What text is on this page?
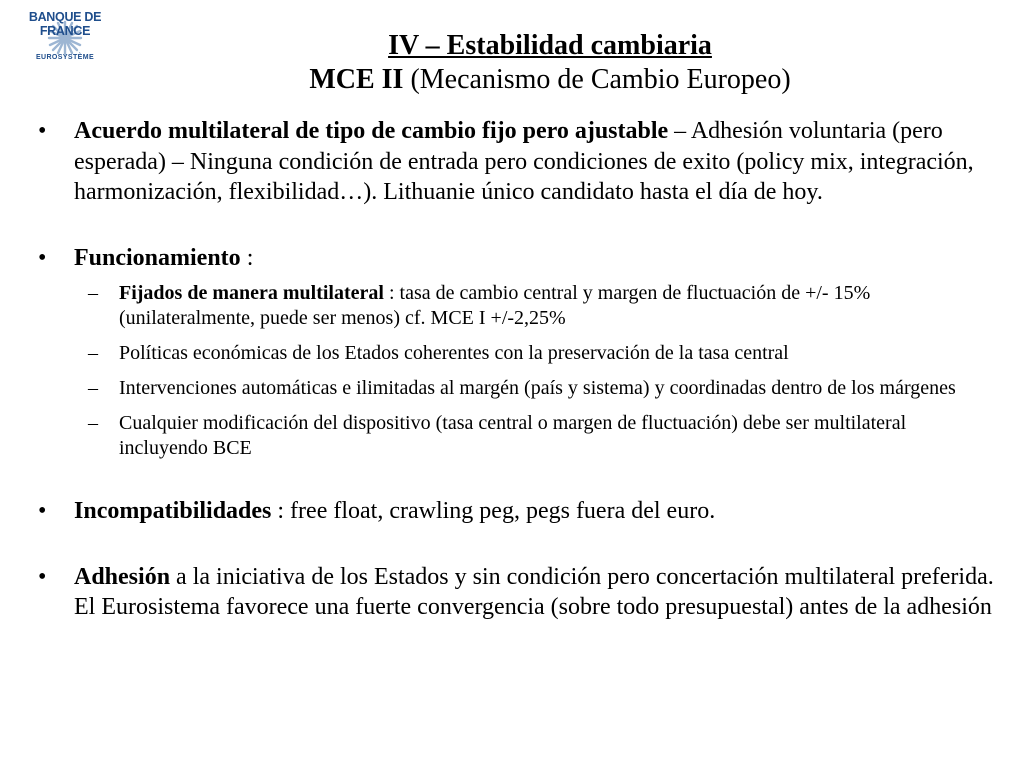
BANQUE DE FRANCE
EUROSYSTÈME	IV – Estabilidad cambiaria
MCE II (Mecanismo de Cambio Europeo)
• Acuerdo multilateral de tipo de cambio fijo pero ajustable – Adhesión voluntaria (pero esperada) – Ninguna condición de entrada pero condiciones de exito (policy mix, integración, harmonización, flexibilidad…). Lithuanie único candidato hasta el día de hoy.
• Funcionamiento :
– Fijados de manera multilateral : tasa de cambio central y margen de fluctuación de +/- 15% (unilateralmente, puede ser menos) cf. MCE I +/-2,25%
– Políticas económicas de los Etados coherentes con la preservación de la tasa central
– Intervenciones automáticas e ilimitadas al margén (país y sistema) y coordinadas dentro de los márgenes
– Cualquier modificación del dispositivo (tasa central o margen de fluctuación) debe ser multilateral incluyendo BCE
• Incompatibilidades : free float, crawling peg, pegs fuera del euro.
• Adhesión a la iniciativa de los Estados y sin condición pero concertación multilateral preferida. El Eurosistema favorece una fuerte convergencia (sobre todo presupuestal) antes de la adhesión
